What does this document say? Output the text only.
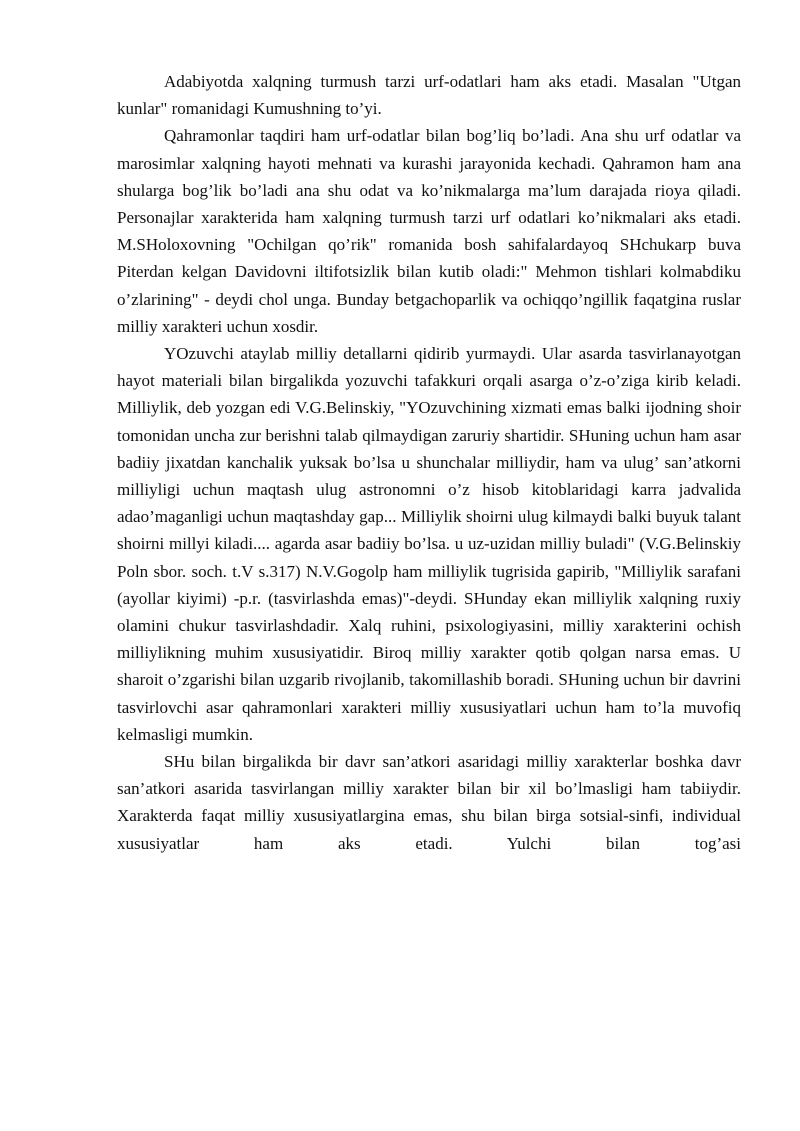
Adabiyotda xalqning turmush tarzi urf-odatlari ham aks etadi. Masalan "Utgan kunlar" romanidagi Kumushning to’yi.

Qahramonlar taqdiri ham urf-odatlar bilan bog’liq bo’ladi. Ana shu urf odatlar va marosimlar xalqning hayoti mehnati va kurashi jarayonida kechadi. Qahramon ham ana shularga bog’lik bo’ladi ana shu odat va ko’nikmalarga ma’lum darajada rioya qiladi. Personajlar xarakterida ham xalqning turmush tarzi urf odatlari ko’nikmalari aks etadi. M.SHoloxovning "Ochilgan qo’rik" romanida bosh sahifalardayoq SHchukarp buva Piterdan kelgan Davidovni iltifotsizlik bilan kutib oladi:" Mehmon tishlari kolmabdiku o’zlarining" - deydi chol unga. Bunday betgachoparlik va ochiqqo’ngillik faqatgina ruslar milliy xarakteri uchun xosdir.

YOzuvchi ataylab milliy detallarni qidirib yurmaydi. Ular asarda tasvirlanayotgan hayot materiali bilan birgalikda yozuvchi tafakkuri orqali asarga o’z-o’ziga kirib keladi. Milliylik, deb yozgan edi V.G.Belinskiy, "YOzuvchining xizmati emas balki ijodning shoir tomonidan uncha zur berishni talab qilmaydigan zaruriy shartidir. SHuning uchun ham asar badiiy jixatdan kanchalik yuksak bo’lsa u shunchalar milliydir, ham va ulug’ san’atkorni milliyligi uchun maqtash ulug astronomni o’z hisob kitoblaridagi karra jadvalida adao’maganligi uchun maqtashday gap... Milliylik shoirni ulug kilmaydi balki buyuk talant shoirni millyi kiladi.... agarda asar badiiy bo’lsa. u uz-uzidan milliy buladi" (V.G.Belinskiy Poln sbor. soch. t.V s.317) N.V.Gogolp ham milliylik tugrisida gapirib, "Milliylik sarafani (ayollar kiyimi) -p.r. (tasvirlashda emas)"-deydi. SHunday ekan milliylik xalqning ruxiy olamini chukur tasvirlashdadir. Xalq ruhini, psixologiyasini, milliy xarakterini ochish milliylikning muhim xususiyatidir. Biroq milliy xarakter qotib qolgan narsa emas. U sharoit o’zgarishi bilan uzgarib rivojlanib, takomillashib boradi. SHuning uchun bir davrini tasvirlovchi asar qahramonlari xarakteri milliy xususiyatlari uchun ham to’la muvofiq kelmasligi mumkin.

SHu bilan birgalikda bir davr san’atkori asaridagi milliy xarakterlar boshka davr san’atkori asarida tasvirlangan milliy xarakter bilan bir xil bo’lmasligi ham tabiiydir. Xarakterda faqat milliy xususiyatlargina emas, shu bilan birga sotsial-sinfi, individual xususiyatlar ham aks etadi. Yulchi bilan tog’asi
